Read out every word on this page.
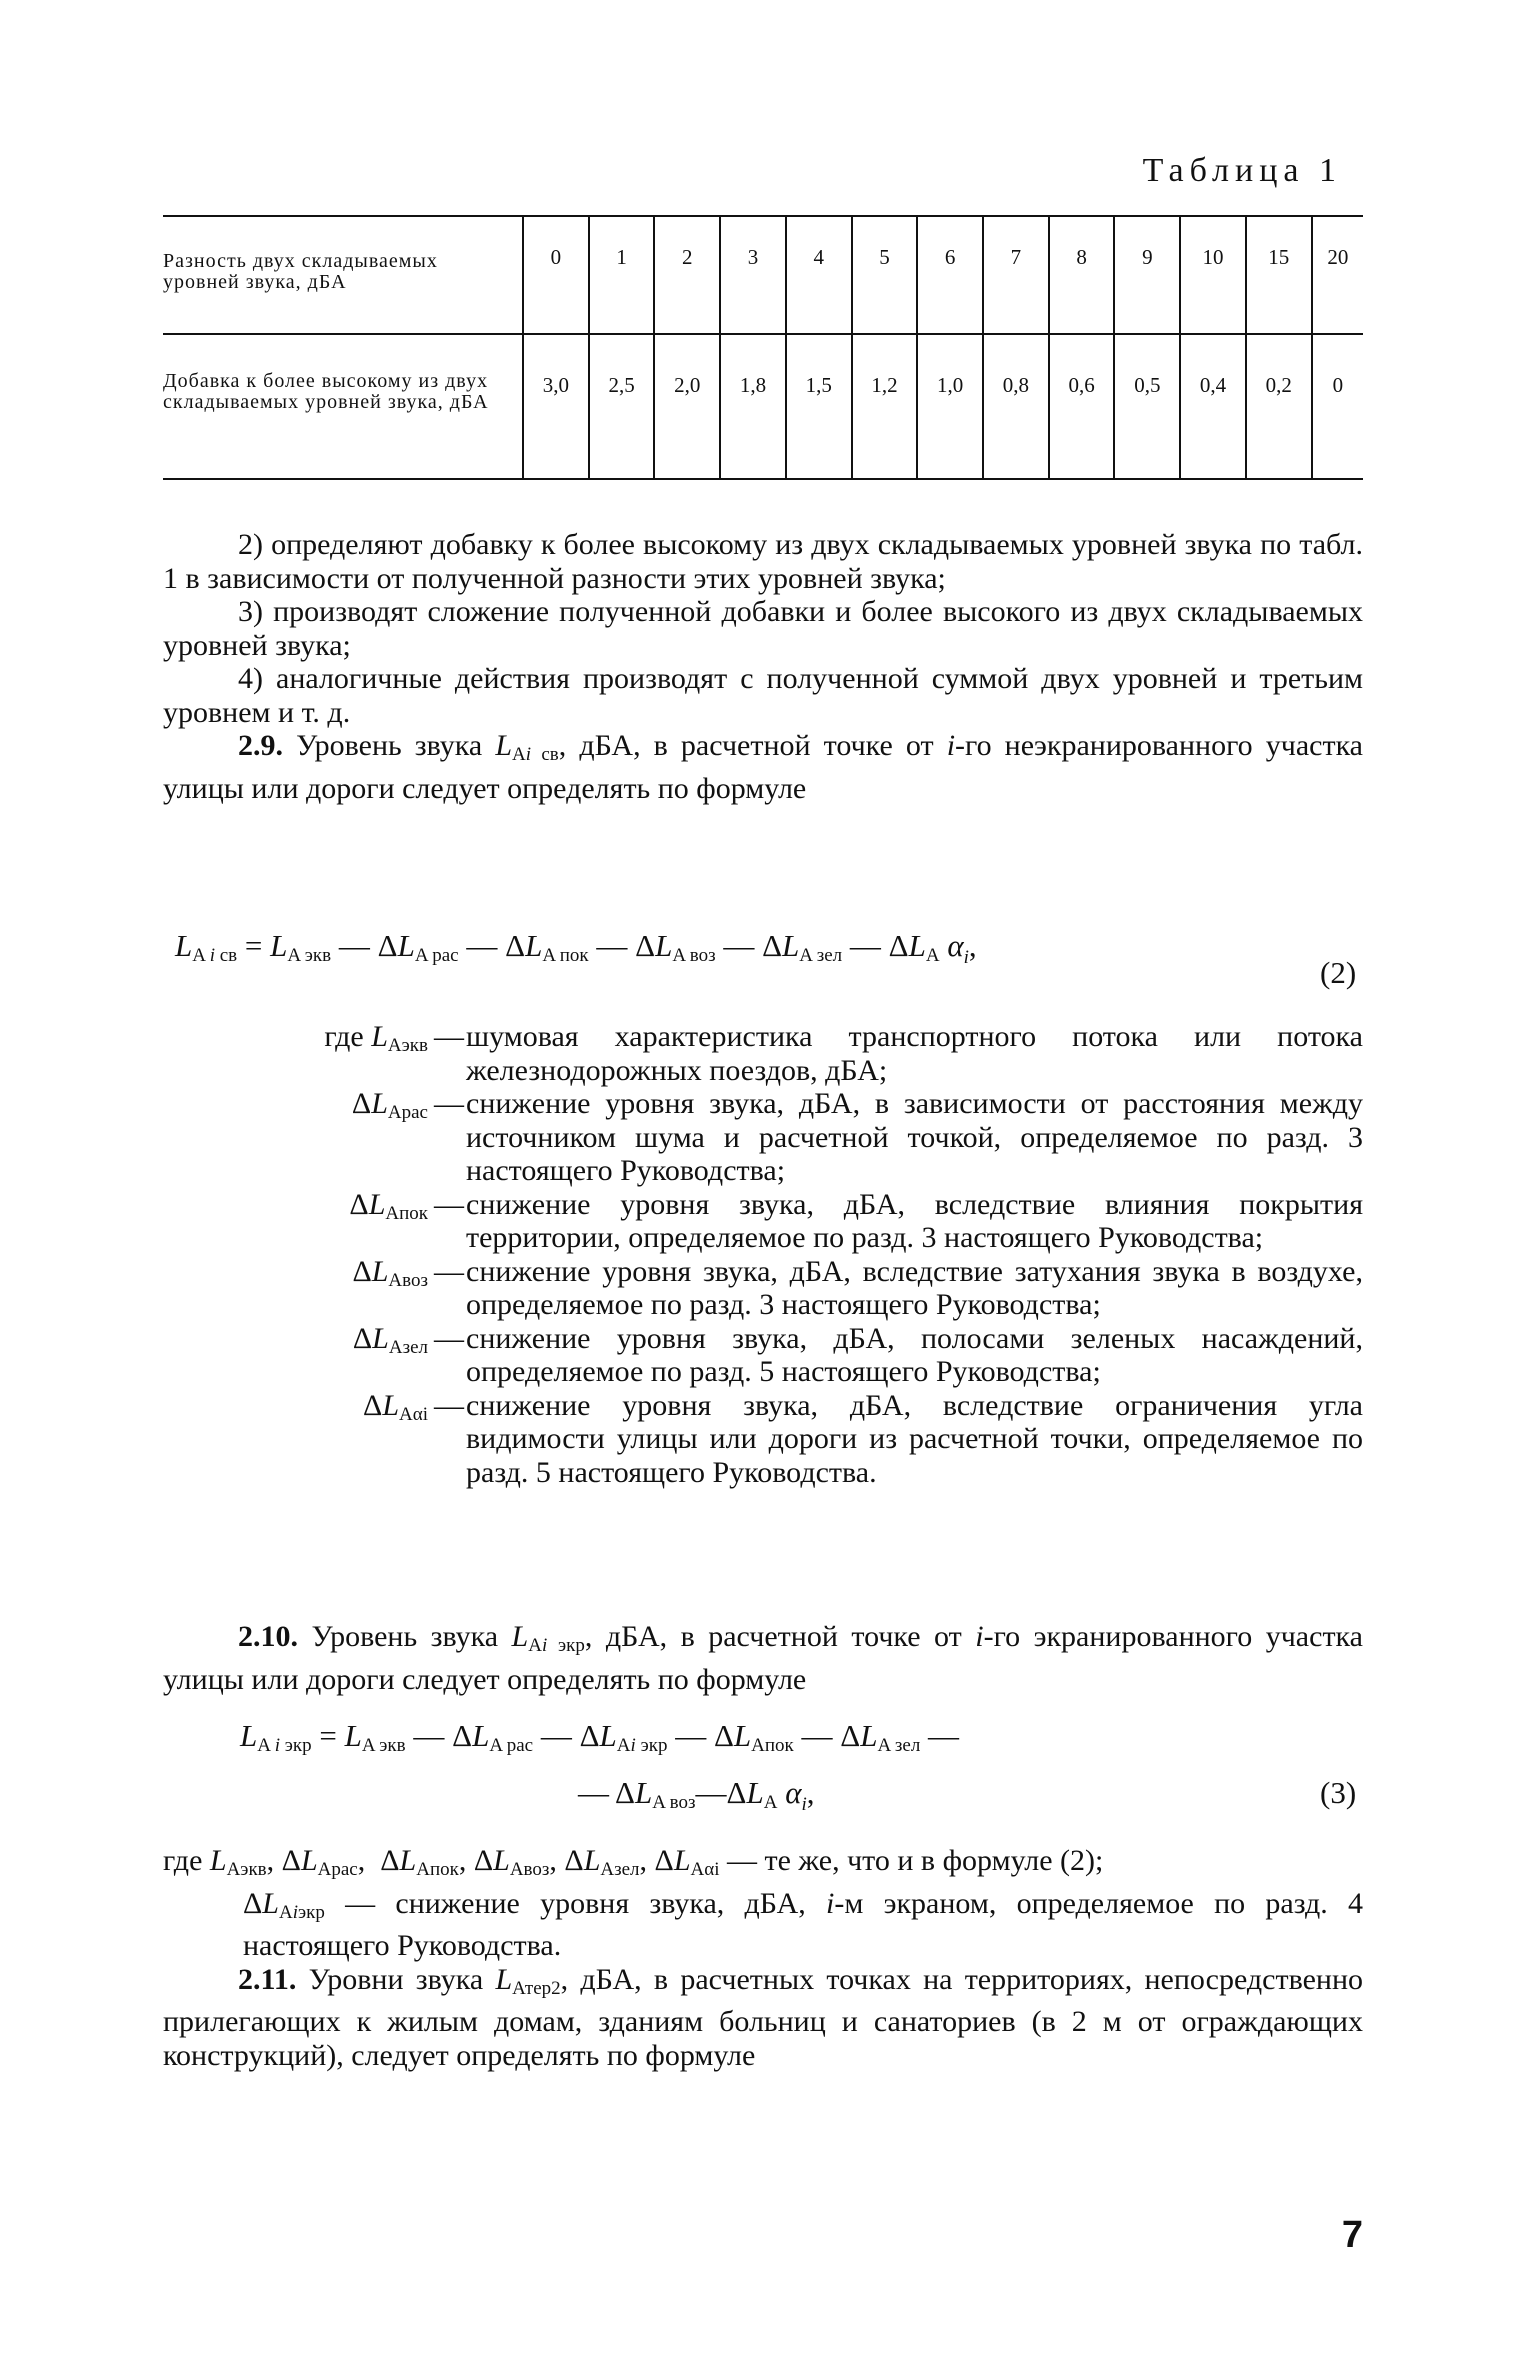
Таблица 1
Разность двух складываемых уровней звука, дБА	0	1	2	3	4	5	6	7	8	9	10	15	20
Добавка к более высокому из двух складываемых уровней звука, дБА	3,0	2,5	2,0	1,8	1,5	1,2	1,0	0,8	0,6	0,5	0,4	0,2	0

2) определяют добавку к более высокому из двух складываемых уровней звука по табл. 1 в зависимости от полученной разности этих уровней звука;

3) производят сложение полученной добавки и более высокого из двух складываемых уровней звука;

4) аналогичные действия производят с полученной суммой двух уровней и третьим уровнем и т. д.

2.9. Уровень звука $L_{Ai св}$, дБА, в расчетной точке от i-го неэкранированного участка улицы или дороги следует определять по формуле

$L_{A i св} = L_{A экв}$ — $\Delta L_{A рас}$ — $\Delta L_{A пок}$ — $\Delta L_{A воз}$ — $\Delta L_{A зел}$ — $\Delta L_A$ $\alpha_i$,
(2)
где $L_{Аэкв}$ — шумовая характеристика транспортного потока или потока железнодорожных поездов, дБА;
$\Delta L_{Арас}$ — снижение уровня звука, дБА, в зависимости от расстояния между источником шума и расчетной точкой, определяемое по разд. 3 настоящего Руководства;
$\Delta L_{Апок}$ — снижение уровня звука, дБА, вследствие влияния покрытия территории, определяемое по разд. 3 настоящего Руководства;
$\Delta L_{Авоз}$ — снижение уровня звука, дБА, вследствие затухания звука в воздухе, определяемое по разд. 3 настоящего Руководства;
$\Delta L_{Азел}$ — снижение уровня звука, дБА, полосами зеленых насаждений, определяемое по разд. 5 настоящего Руководства;
$\Delta L_{А\alpha i}$ — снижение уровня звука, дБА, вследствие ограничения угла видимости улицы или дороги из расчетной точки, определяемое по разд. 5 настоящего Руководства.

2.10. Уровень звука $L_{Ai экр}$, дБА, в расчетной точке от i-го экранированного участка улицы или дороги следует определять по формуле

$L_{A i экр} = L_{A экв}$ — $\Delta L_{A рас}$ — $\Delta L_{Ai экр}$ — $\Delta L_{Aпок}$ — $\Delta L_{A зел}$ —
— $\Delta L_{A воз}—\Delta L_A$ $\alpha_i$,	(3)

где $L_{Аэкв}$, $\Delta L_{Арас}$,  $\Delta L_{Апок}$, $\Delta L_{Авоз}$, $\Delta L_{Азел}$, $\Delta L_{А\alpha i}$ — те же, что и в формуле (2);

$\Delta L_{Аiэкр}$ — снижение уровня звука, дБА, i-м экраном, определяемое по разд. 4 настоящего Руководства.

2.11. Уровни звука $L_{Атер2}$, дБА, в расчетных точках на территориях, непосредственно прилегающих к жилым домам, зданиям больниц и санаториев (в 2 м от ограждающих конструкций), следует определять по формуле

7
